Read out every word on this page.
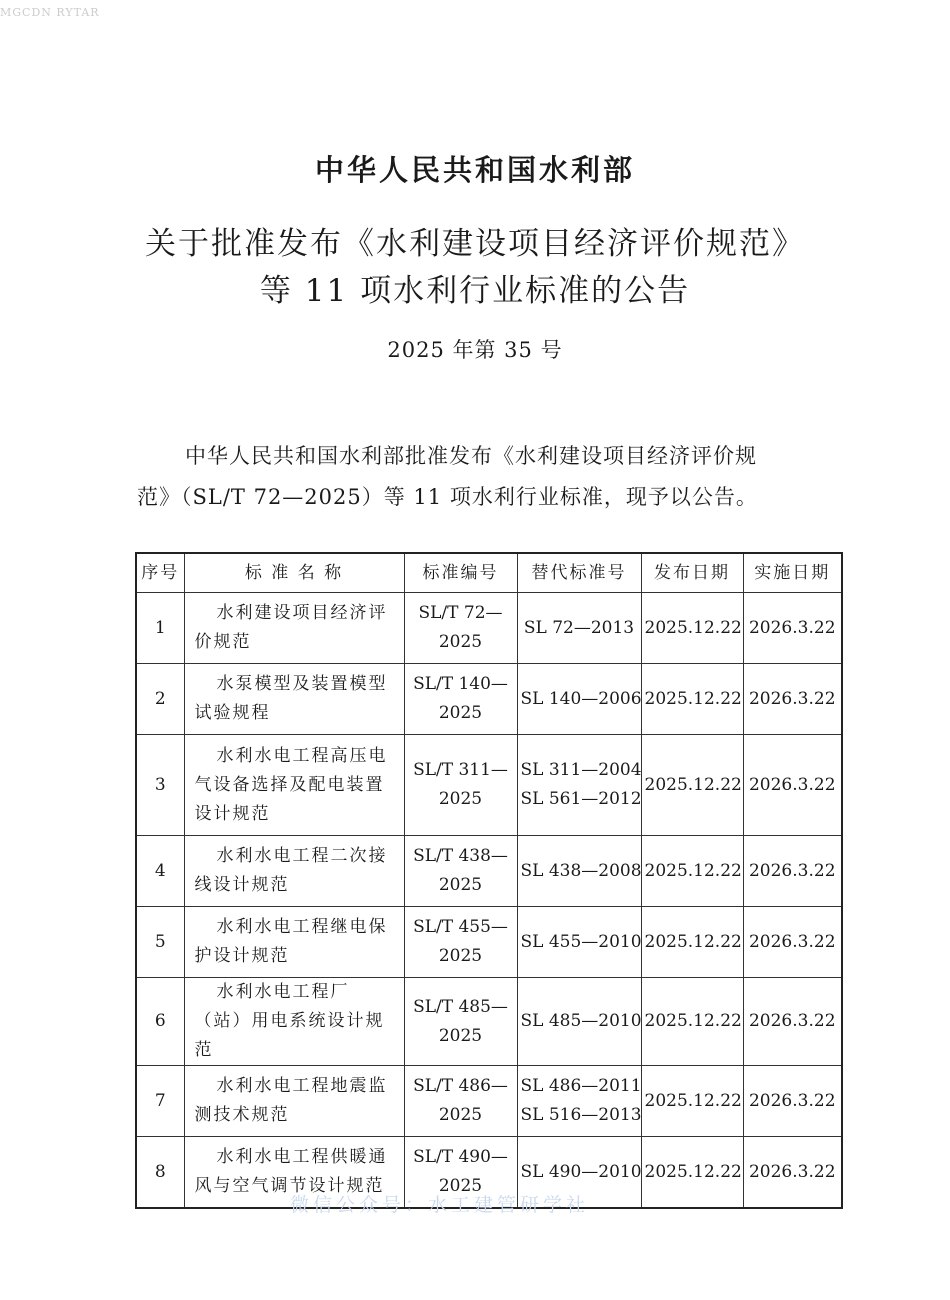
MGCDN RYTAR
中华人民共和国水利部
关于批准发布《水利建设项目经济评价规范》
等 11 项水利行业标准的公告
2025 年第 35 号
中华人民共和国水利部批准发布《水利建设项目经济评价规
范》（SL/T 72—2025）等 11 项水利行业标准，现予以公告。
序号	标 准 名 称	标准编号	替代标准号	发布日期	实施日期
1	水利建设项目经济评价规范	SL/T 72—2025	SL 72—2013	2025.12.22	2026.3.22
2	水泵模型及装置模型试验规程	SL/T 140—2025	SL 140—2006	2025.12.22	2026.3.22
3	水利水电工程高压电气设备选择及配电装置设计规范	SL/T 311—2025	SL 311—2004
SL 561—2012	2025.12.22	2026.3.22
4	水利水电工程二次接线设计规范	SL/T 438—2025	SL 438—2008	2025.12.22	2026.3.22
5	水利水电工程继电保护设计规范	SL/T 455—2025	SL 455—2010	2025.12.22	2026.3.22
6	水利水电工程厂（站）用电系统设计规范	SL/T 485—2025	SL 485—2010	2025.12.22	2026.3.22
7	水利水电工程地震监测技术规范	SL/T 486—2025	SL 486—2011
SL 516—2013	2025.12.22	2026.3.22
8	水利水电工程供暖通风与空气调节设计规范	SL/T 490—2025	SL 490—2010	2025.12.22	2026.3.22
微信公众号：水工建管研学社
